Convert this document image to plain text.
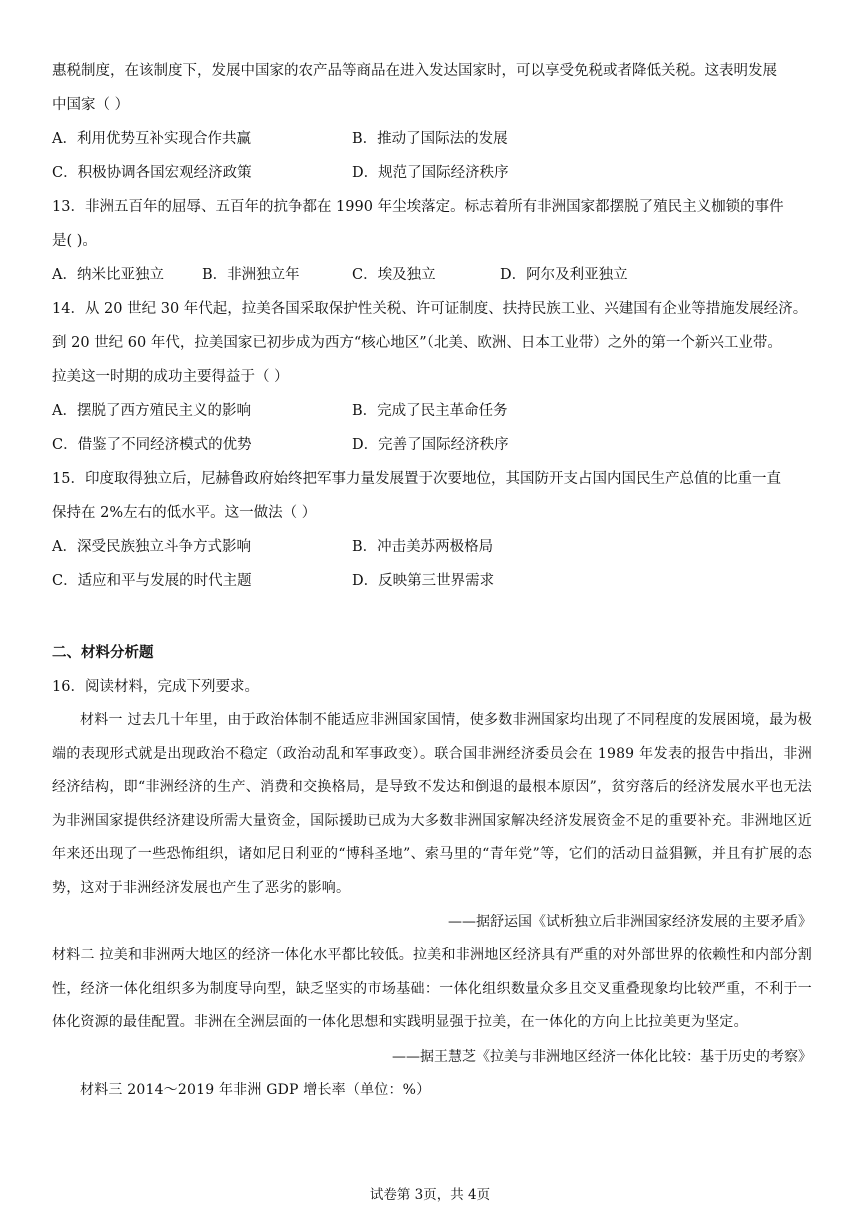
惠税制度，在该制度下，发展中国家的农产品等商品在进入发达国家时，可以享受免税或者降低关税。这表明发展
中国家（ ）
A．利用优势互补实现合作共赢	B．推动了国际法的发展
C．积极协调各国宏观经济政策	D．规范了国际经济秩序
13．非洲五百年的屈辱、五百年的抗争都在 1990 年尘埃落定。标志着所有非洲国家都摆脱了殖民主义枷锁的事件
是( )。
A．纳米比亚独立	B．非洲独立年	C．埃及独立	D．阿尔及利亚独立
14．从 20 世纪 30 年代起，拉美各国采取保护性关税、许可证制度、扶持民族工业、兴建国有企业等措施发展经济。
到 20 世纪 60 年代，拉美国家已初步成为西方“核心地区”（北美、欧洲、日本工业带）之外的第一个新兴工业带。
拉美这一时期的成功主要得益于（ ）
A．摆脱了西方殖民主义的影响	B．完成了民主革命任务
C．借鉴了不同经济模式的优势	D．完善了国际经济秩序
15．印度取得独立后，尼赫鲁政府始终把军事力量发展置于次要地位，其国防开支占国内国民生产总值的比重一直
保持在 2%左右的低水平。这一做法（ ）
A．深受民族独立斗争方式影响	B．冲击美苏两极格局
C．适应和平与发展的时代主题	D．反映第三世界需求
二、材料分析题
16．阅读材料，完成下列要求。
材料一 过去几十年里，由于政治体制不能适应非洲国家国情，使多数非洲国家均出现了不同程度的发展困境，最为极端的表现形式就是出现政治不稳定（政治动乱和军事政变）。联合国非洲经济委员会在 1989 年发表的报告中指出，非洲经济结构，即“非洲经济的生产、消费和交换格局，是导致不发达和倒退的最根本原因”，贫穷落后的经济发展水平也无法为非洲国家提供经济建设所需大量资金，国际援助已成为大多数非洲国家解决经济发展资金不足的重要补充。非洲地区近年来还出现了一些恐怖组织，诸如尼日利亚的“博科圣地”、索马里的“青年党”等，它们的活动日益猖獗，并且有扩展的态势，这对于非洲经济发展也产生了恶劣的影响。
——据舒运国《试析独立后非洲国家经济发展的主要矛盾》
材料二 拉美和非洲两大地区的经济一体化水平都比较低。拉美和非洲地区经济具有严重的对外部世界的依赖性和内部分割性，经济一体化组织多为制度导向型，缺乏坚实的市场基础：一体化组织数量众多且交叉重叠现象均比较严重，不利于一体化资源的最佳配置。非洲在全洲层面的一体化思想和实践明显强于拉美，在一体化的方向上比拉美更为坚定。
——据王慧芝《拉美与非洲地区经济一体化比较：基于历史的考察》
材料三 2014～2019 年非洲 GDP 增长率（单位：%）
试卷第 3页，共 4页
